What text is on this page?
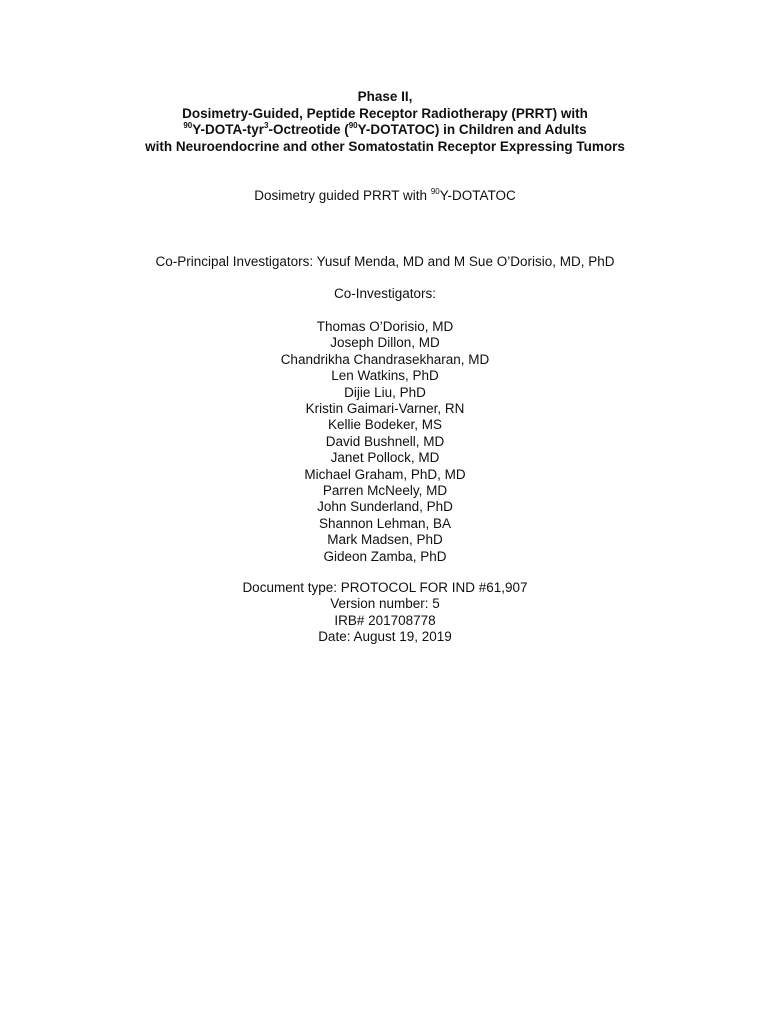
Phase II,
Dosimetry-Guided, Peptide Receptor Radiotherapy (PRRT) with
$^{90}$Y-DOTA-tyr$^3$-Octreotide ($^{90}$Y-DOTATOC) in Children and Adults
with Neuroendocrine and other Somatostatin Receptor Expressing Tumors
Dosimetry guided PRRT with $^{90}$Y-DOTATOC
Co-Principal Investigators: Yusuf Menda, MD and M Sue O’Dorisio, MD, PhD
Co-Investigators:
Thomas O’Dorisio, MD
Joseph Dillon, MD
Chandrikha Chandrasekharan, MD
Len Watkins, PhD
Dijie Liu, PhD
Kristin Gaimari-Varner, RN
Kellie Bodeker, MS
David Bushnell, MD
Janet Pollock, MD
Michael Graham, PhD, MD
Parren McNeely, MD
John Sunderland, PhD
Shannon Lehman, BA
Mark Madsen, PhD
Gideon Zamba, PhD
Document type: PROTOCOL FOR IND #61,907
Version number: 5
IRB# 201708778
Date: August 19, 2019
